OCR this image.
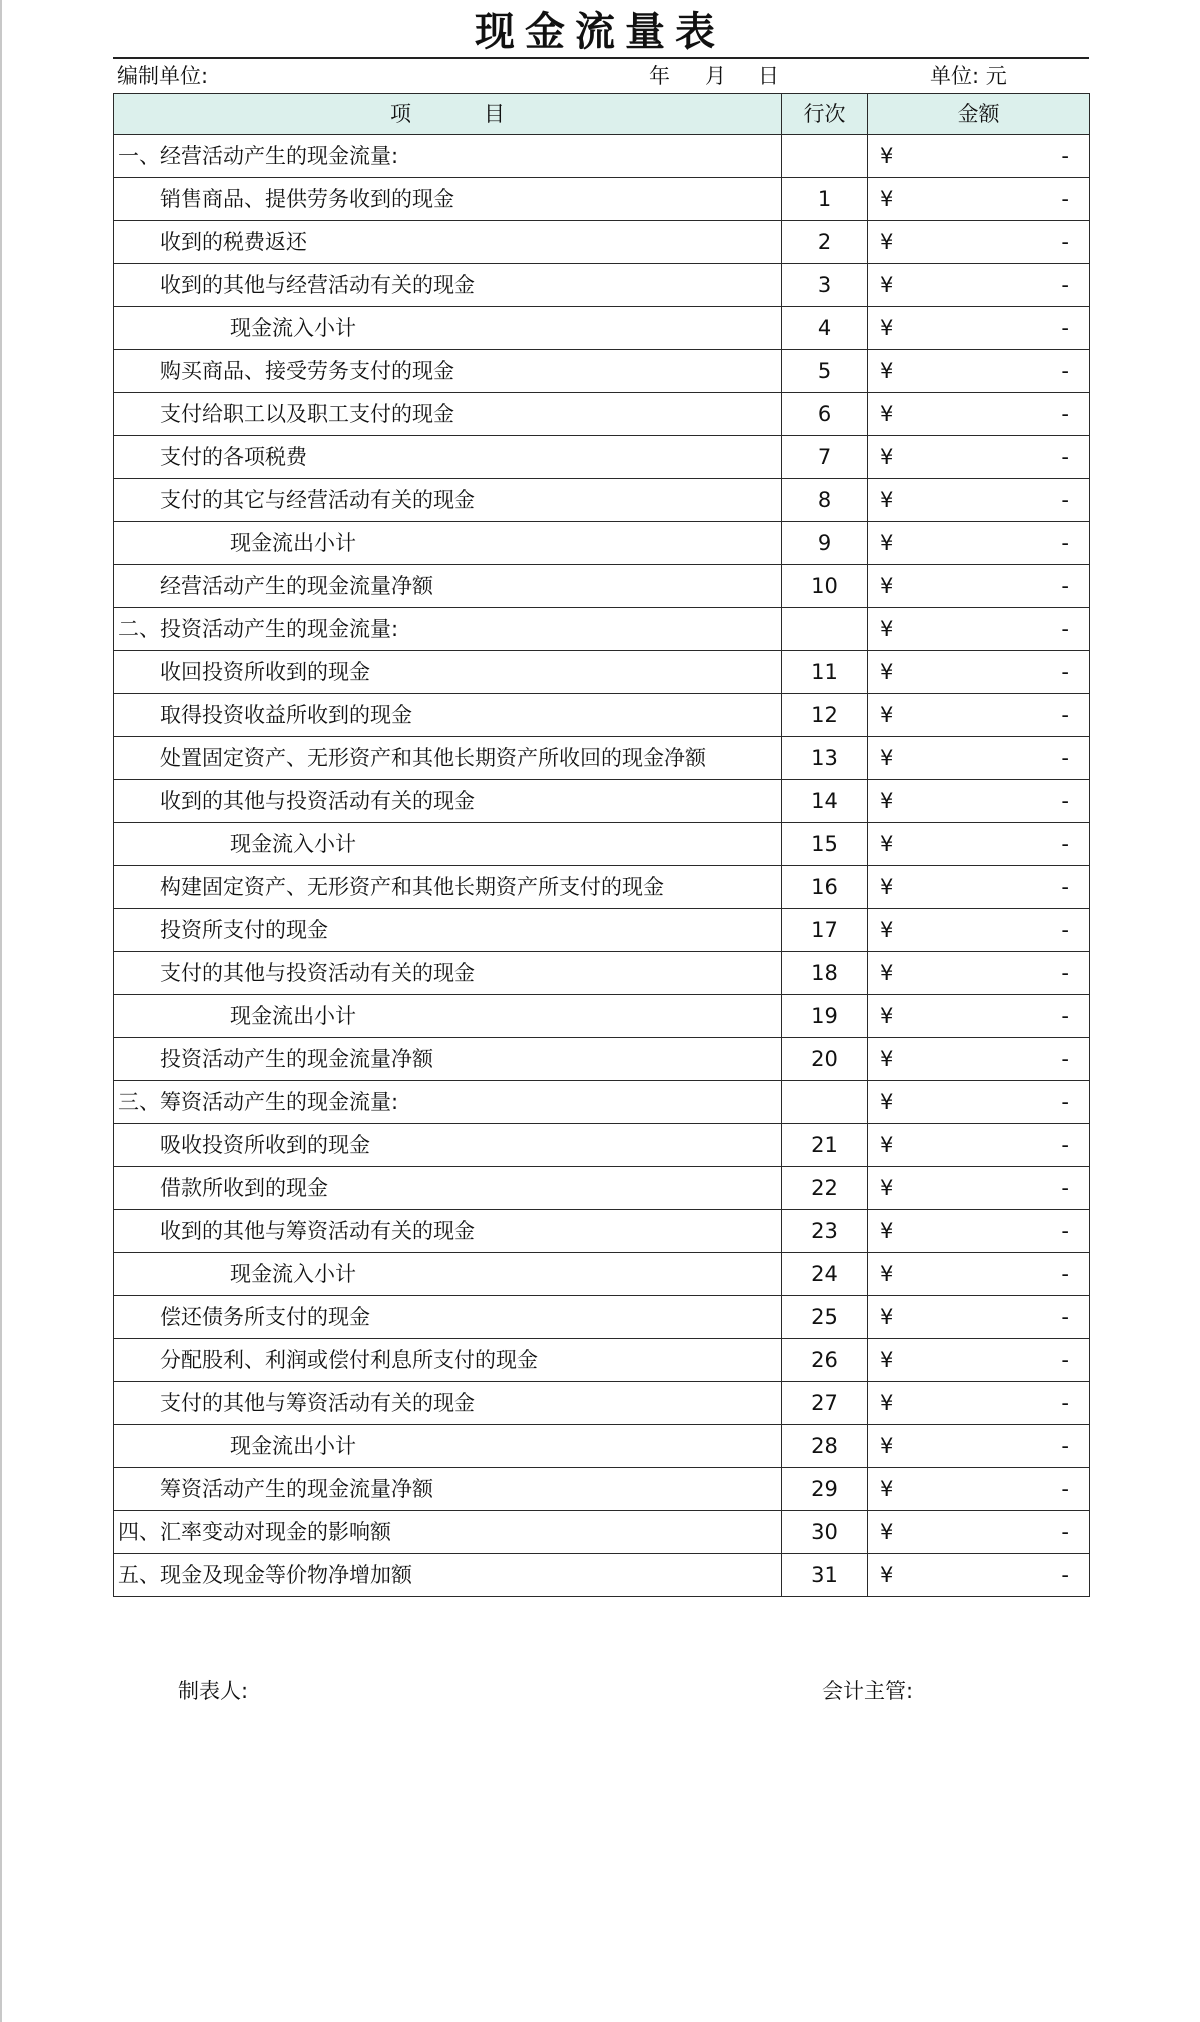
现金流量表
编制单位:	年 月 日	单位: 元
项　目	行次	金额
一、经营活动产生的现金流量:		¥ -

销售商品、提供劳务收到的现金	1	¥ -

收到的税费返还	2	¥ -

收到的其他与经营活动有关的现金	3	¥ -

现金流入小计	4	¥ -

购买商品、接受劳务支付的现金	5	¥ -

支付给职工以及职工支付的现金	6	¥ -

支付的各项税费	7	¥ -

支付的其它与经营活动有关的现金	8	¥ -

现金流出小计	9	¥ -

经营活动产生的现金流量净额	10	¥ -

二、投资活动产生的现金流量:		¥ -

收回投资所收到的现金	11	¥ -

取得投资收益所收到的现金	12	¥ -

处置固定资产、无形资产和其他长期资产所收回的现金净额	13	¥ -

收到的其他与投资活动有关的现金	14	¥ -

现金流入小计	15	¥ -

构建固定资产、无形资产和其他长期资产所支付的现金	16	¥ -

投资所支付的现金	17	¥ -

支付的其他与投资活动有关的现金	18	¥ -

现金流出小计	19	¥ -

投资活动产生的现金流量净额	20	¥ -

三、筹资活动产生的现金流量:		¥ -

吸收投资所收到的现金	21	¥ -

借款所收到的现金	22	¥ -

收到的其他与筹资活动有关的现金	23	¥ -

现金流入小计	24	¥ -

偿还债务所支付的现金	25	¥ -

分配股利、利润或偿付利息所支付的现金	26	¥ -

支付的其他与筹资活动有关的现金	27	¥ -

现金流出小计	28	¥ -

筹资活动产生的现金流量净额	29	¥ -

四、汇率变动对现金的影响额	30	¥ -

五、现金及现金等价物净增加额	31	¥ -
制表人:	会计主管:
